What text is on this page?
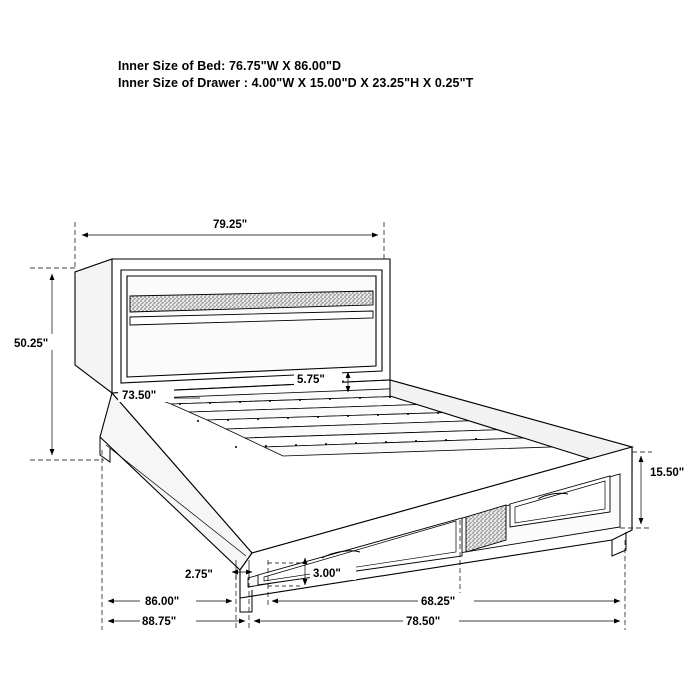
Inner Size of Bed: 76.75"W X 86.00"D
Inner Size of Drawer : 4.00"W X 15.00"D X 23.25"H X 0.25"T
79.25"
50.25"
73.50"
5.75"
15.50"
3.00"
2.75"
86.00"
88.75"
68.25"
78.50"
